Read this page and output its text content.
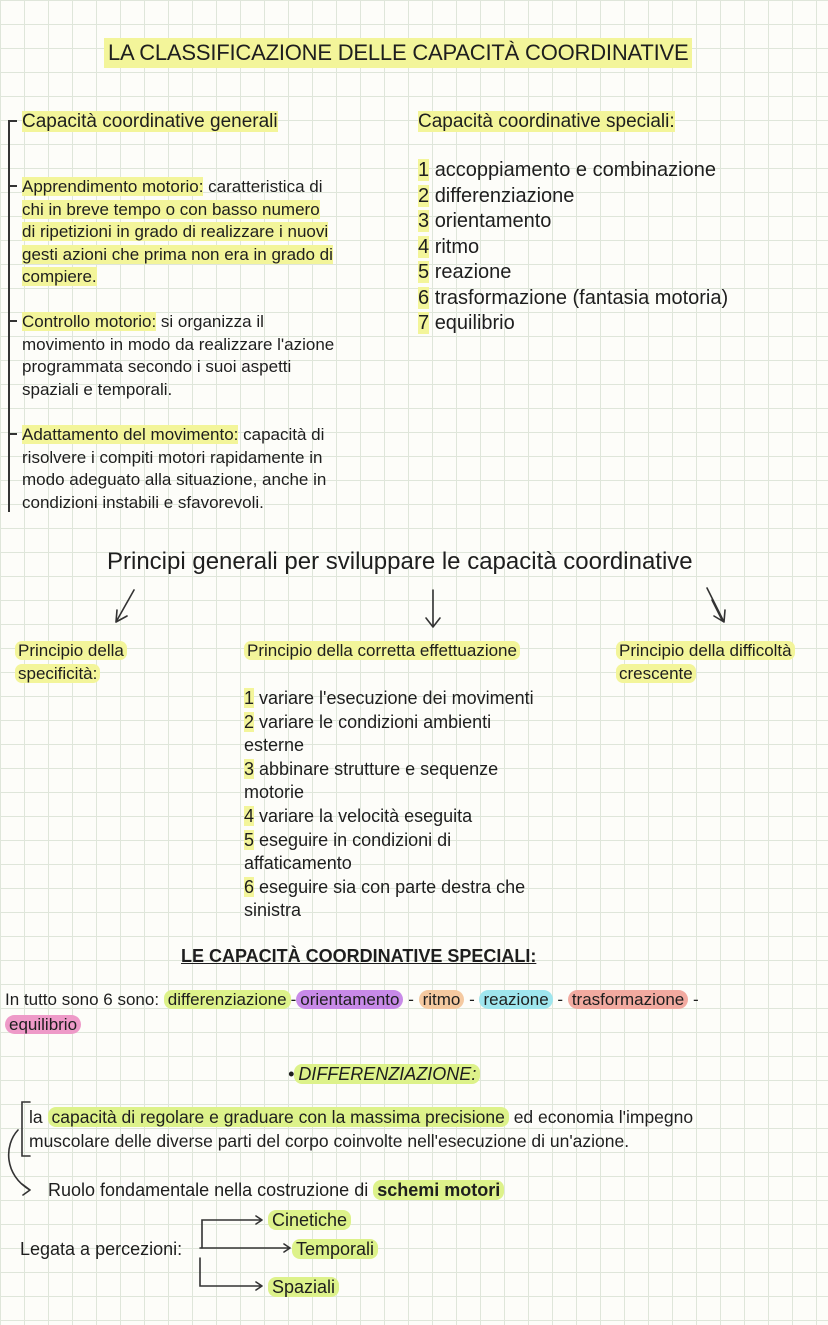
LA CLASSIFICAZIONE DELLE CAPACITÀ COORDINATIVE
Capacità coordinative generali
Apprendimento motorio: caratteristica di
chi in breve tempo o con basso numero
di ripetizioni in grado di realizzare i nuovi
gesti azioni che prima non era in grado di
compiere.
Controllo motorio: si organizza il
movimento in modo da realizzare l'azione
programmata secondo i suoi aspetti
spaziali e temporali.
Adattamento del movimento: capacità di
risolvere i compiti motori rapidamente in
modo adeguato alla situazione, anche in
condizioni instabili e sfavorevoli.
Capacità coordinative speciali:
1 accoppiamento e combinazione
2 differenziazione
3 orientamento
4 ritmo
5 reazione
6 trasformazione (fantasia motoria)
7 equilibrio
Principi generali per sviluppare le capacità coordinative
Principio della
specificità:
Principio della corretta effettuazione
1 variare l'esecuzione dei movimenti
2 variare le condizioni ambienti
esterne
3 abbinare strutture e sequenze
motorie
4 variare la velocità eseguita
5 eseguire in condizioni di
affaticamento
6 eseguire sia con parte destra che
sinistra
Principio della difficoltà
crescente
LE CAPACITÀ COORDINATIVE SPECIALI:
In tutto sono 6 sono: differenziazione - orientamento - ritmo - reazione - trasformazione -
equilibrio
• DIFFERENZIAZIONE:
la capacità di regolare e graduare con la massima precisione ed economia l'impegno
muscolare delle diverse parti del corpo coinvolte nell'esecuzione di un'azione.
Ruolo fondamentale nella costruzione di schemi motori
Legata a percezioni:
Cinetiche
Temporali
Spaziali
